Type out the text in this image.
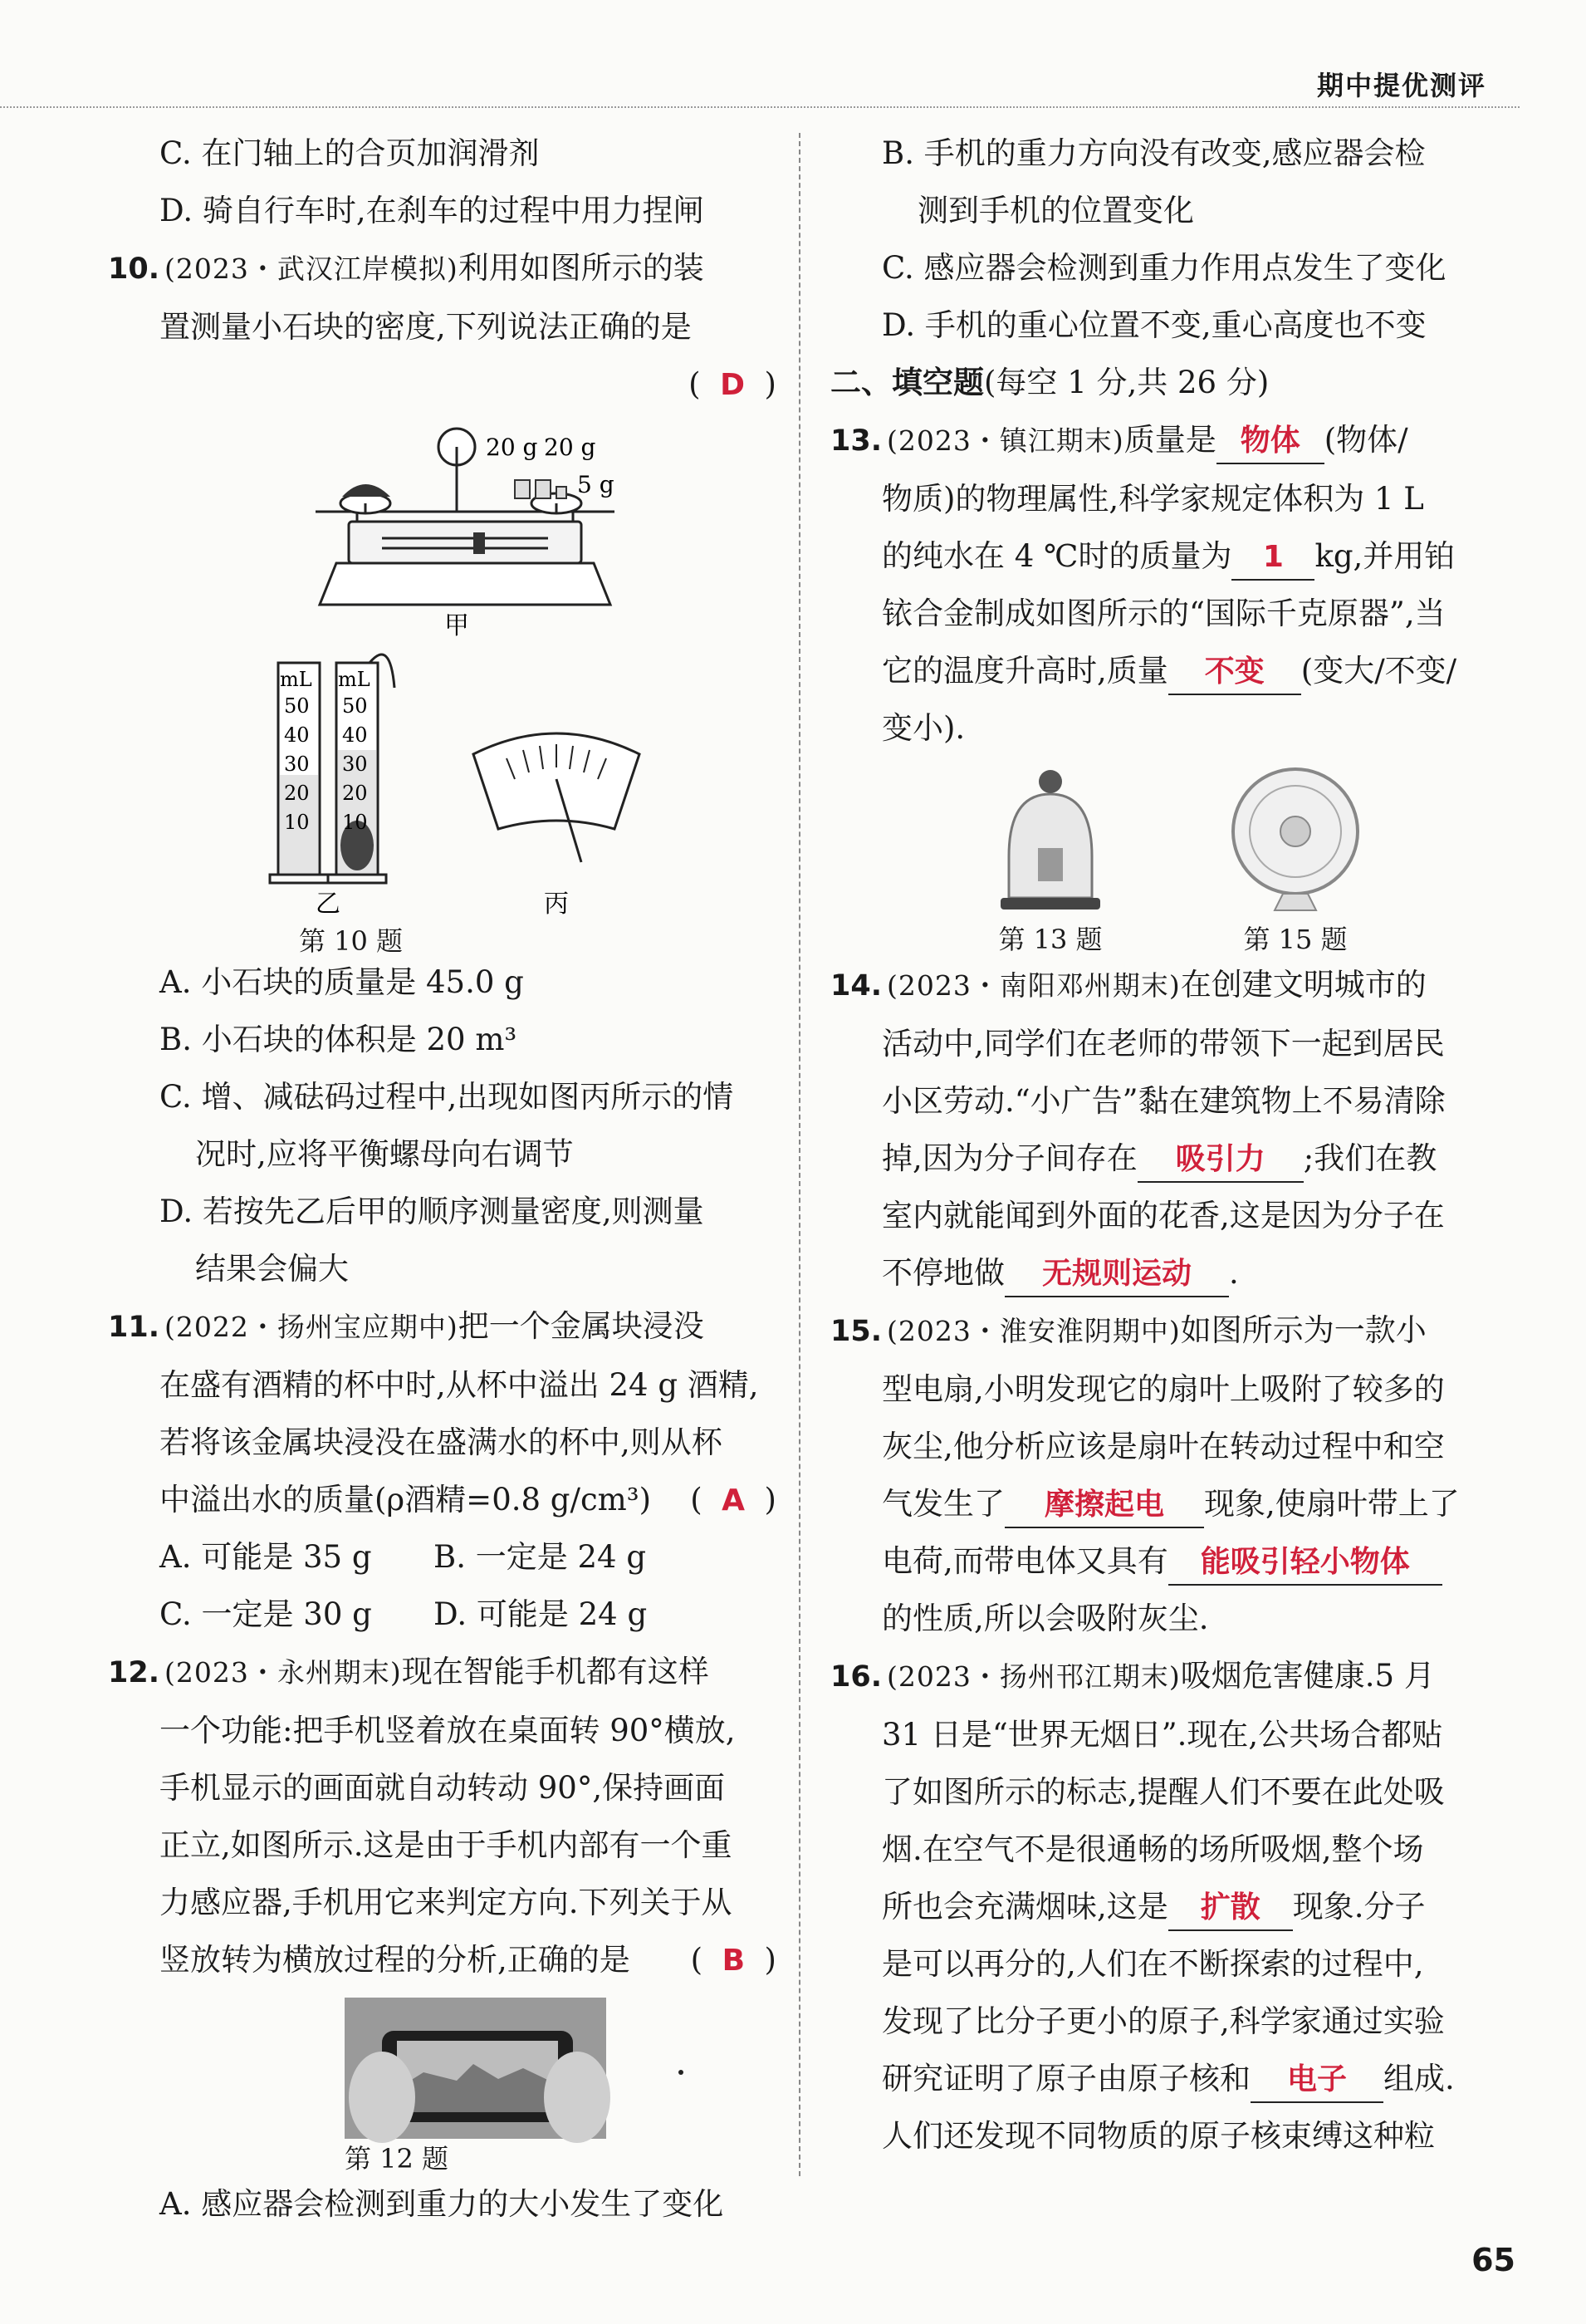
期中提优测评
C. 在门轴上的合页加润滑剂
D. 骑自行车时,在刹车的过程中用力捏闸
10. (2023・武汉江岸模拟)利用如图所示的装
置测量小石块的密度,下列说法正确的是
(  D  )
20 g 20 g
5 g
甲
mL mL
50
40
30
20
10
50
40
30
20
10
乙	丙
第 10 题
A. 小石块的质量是 45.0 g
B. 小石块的体积是 20 m³
C. 增、减砝码过程中,出现如图丙所示的情
况时,应将平衡螺母向右调节
D. 若按先乙后甲的顺序测量密度,则测量
结果会偏大
11. (2022・扬州宝应期中)把一个金属块浸没
在盛有酒精的杯中时,从杯中溢出 24 g 酒精,
若将该金属块浸没在盛满水的杯中,则从杯
中溢出水的质量(ρ酒精=0.8 g/cm³) (  A  )
A. 可能是 35 g B. 一定是 24 g
C. 一定是 30 g D. 可能是 24 g
12. (2023・永州期末)现在智能手机都有这样
一个功能:把手机竖着放在桌面转 90°横放,
手机显示的画面就自动转动 90°,保持画面
正立,如图所示.这是由于手机内部有一个重
力感应器,手机用它来判定方向.下列关于从
竖放转为横放过程的分析,正确的是 (  B  )
第 12 题
A. 感应器会检测到重力的大小发生了变化
B. 手机的重力方向没有改变,感应器会检
测到手机的位置变化
C. 感应器会检测到重力作用点发生了变化
D. 手机的重心位置不变,重心高度也不变
二、填空题(每空 1 分,共 26 分)
13. (2023・镇江期末)质量是 物体 (物体/
物质)的物理属性,科学家规定体积为 1 L
的纯水在 4 ℃时的质量为 1 kg,并用铂
铱合金制成如图所示的“国际千克原器”,当
它的温度升高时,质量 不变 (变大/不变/
变小).
第 13 题	第 15 题
14. (2023・南阳邓州期末)在创建文明城市的
活动中,同学们在老师的带领下一起到居民
小区劳动.“小广告”黏在建筑物上不易清除
掉,因为分子间存在 吸引力 ;我们在教
室内就能闻到外面的花香,这是因为分子在
不停地做 无规则运动 .
15. (2023・淮安淮阴期中)如图所示为一款小
型电扇,小明发现它的扇叶上吸附了较多的
灰尘,他分析应该是扇叶在转动过程中和空
气发生了 摩擦起电 现象,使扇叶带上了
电荷,而带电体又具有 能吸引轻小物体
的性质,所以会吸附灰尘.
16. (2023・扬州邗江期末)吸烟危害健康.5 月
31 日是“世界无烟日”.现在,公共场合都贴
了如图所示的标志,提醒人们不要在此处吸
烟.在空气不是很通畅的场所吸烟,整个场
所也会充满烟味,这是 扩散 现象.分子
是可以再分的,人们在不断探索的过程中,
发现了比分子更小的原子,科学家通过实验
研究证明了原子由原子核和 电子 组成.
人们还发现不同物质的原子核束缚这种粒
65
